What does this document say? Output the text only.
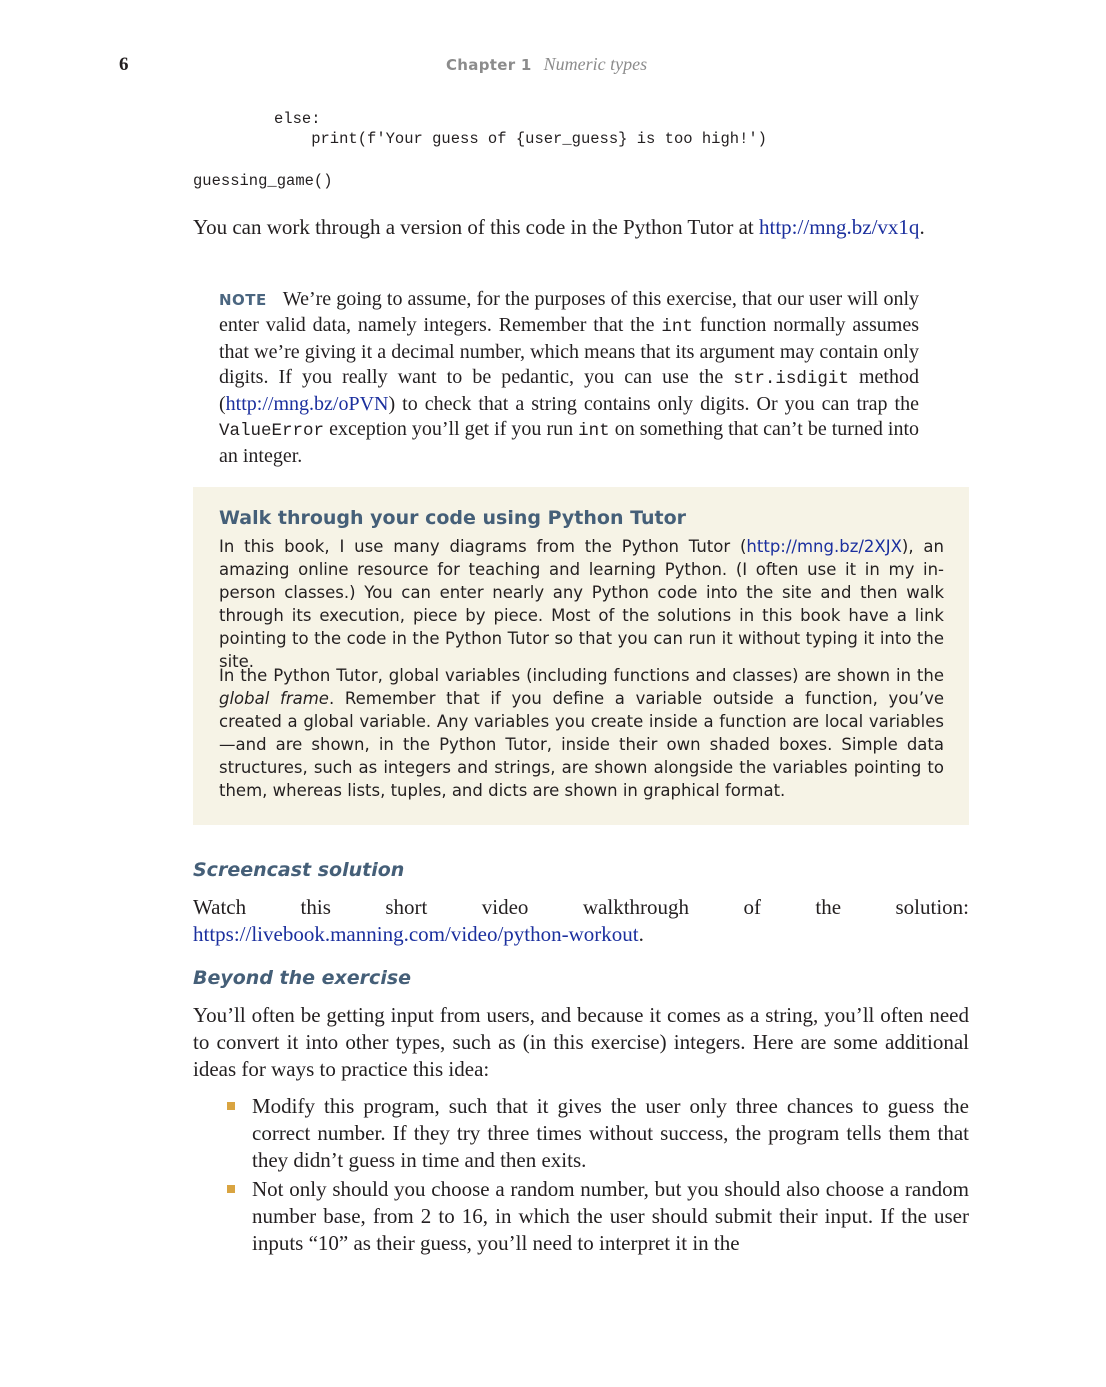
6	Chapter 1 Numeric types
else:
print(f'Your guess of {user_guess} is too high!')
guessing_game()

You can work through a version of this code in the Python Tutor at http://mng.bz/vx1q.

NOTE We’re going to assume, for the purposes of this exercise, that our user will only enter valid data, namely integers. Remember that the int function normally assumes that we’re giving it a decimal number, which means that its argument may contain only digits. If you really want to be pedantic, you can use the str.isdigit method (http://mng.bz/oPVN) to check that a string contains only digits. Or you can trap the ValueError exception you’ll get if you run int on something that can’t be turned into an integer.

Walk through your code using Python Tutor

In this book, I use many diagrams from the Python Tutor (http://mng.bz/2XJX), an amazing online resource for teaching and learning Python. (I often use it in my in-person classes.) You can enter nearly any Python code into the site and then walk through its execution, piece by piece. Most of the solutions in this book have a link pointing to the code in the Python Tutor so that you can run it without typing it into the site.

In the Python Tutor, global variables (including functions and classes) are shown in the global frame. Remember that if you define a variable outside a function, you’ve created a global variable. Any variables you create inside a function are local variables—and are shown, in the Python Tutor, inside their own shaded boxes. Simple data structures, such as integers and strings, are shown alongside the variables pointing to them, whereas lists, tuples, and dicts are shown in graphical format.

Screencast solution

Watch this short video walkthrough of the solution: https://livebook.manning.com/video/python-workout.

Beyond the exercise

You’ll often be getting input from users, and because it comes as a string, you’ll often need to convert it into other types, such as (in this exercise) integers. Here are some additional ideas for ways to practice this idea:

Modify this program, such that it gives the user only three chances to guess the correct number. If they try three times without success, the program tells them that they didn’t guess in time and then exits.
Not only should you choose a random number, but you should also choose a random number base, from 2 to 16, in which the user should submit their input. If the user inputs “10” as their guess, you’ll need to interpret it in the
